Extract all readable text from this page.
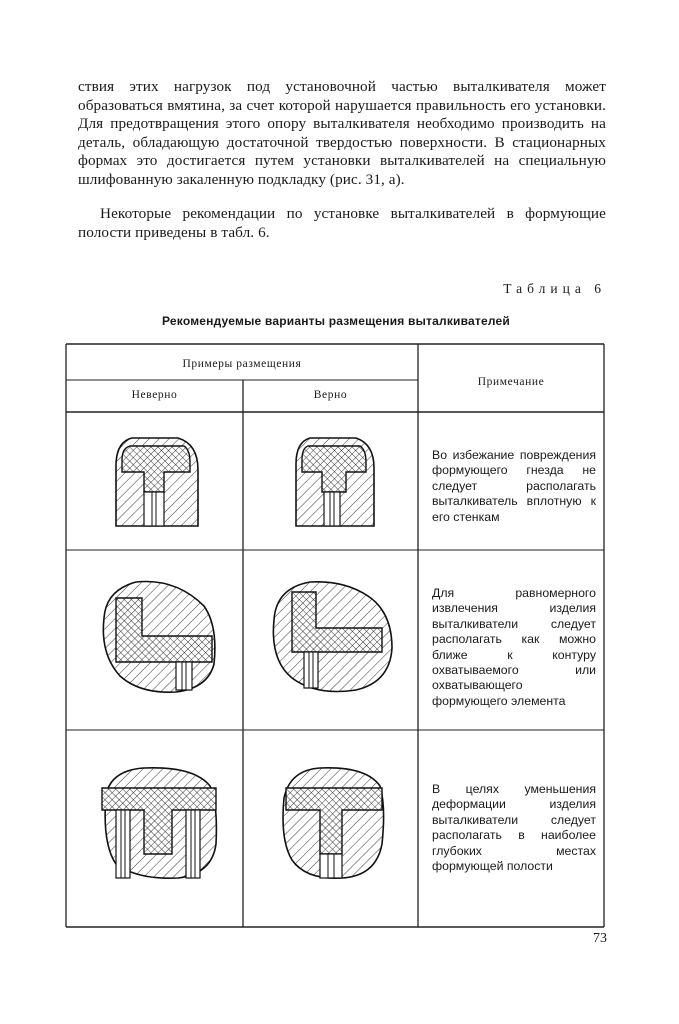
ствия этих нагрузок под установочной частью выталкивателя может образоваться вмятина, за счет которой нарушается правильность его установки. Для предотвращения этого опору выталкивателя необходимо производить на деталь, обладающую достаточной твердостью поверхности. В стационарных формах это достигается путем установки выталкивателей на специальную шлифованную закаленную подкладку (рис. 31, а).

Некоторые рекомендации по установке выталкивателей в формующие полости приведены в табл. 6.

Таблица 6
Рекомендуемые варианты размещения выталкивателей
Примеры размещения
Неверно	Верно
Примечание

Во избежание повреждения формующего гнезда не следует располагать выталкиватель вплотную к его стенкам

Для равномерного извлечения изделия выталкиватели следует располагать как можно ближе к контуру охватываемого или охватывающего формующего элемента

В целях уменьшения деформации изделия выталкиватели следует располагать в наиболее глубоких местах формующей полости

73
